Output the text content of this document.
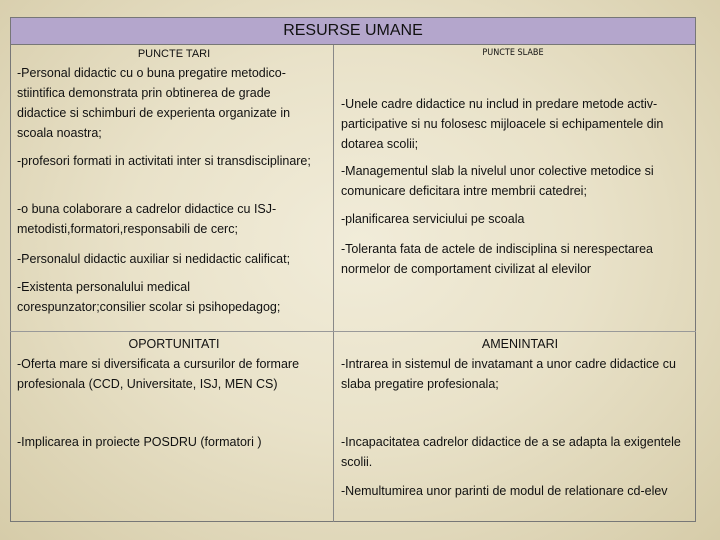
RESURSE UMANE
PUNCTE TARI

-Personal didactic cu o buna pregatire metodico-stiintifica demonstrata prin obtinerea de grade didactice si schimburi de experienta organizate in scoala noastra;

-profesori formati in activitati inter si transdisciplinare;

-o buna colaborare a cadrelor didactice cu ISJ-metodisti,formatori,responsabili de cerc;

-Personalul didactic auxiliar si nedidactic calificat;

-Existenta personalului medical corespunzator;consilier scolar si psihopedagog;

PUNCTE SLABE

-Unele cadre didactice nu includ in predare metode activ-participative si nu folosesc mijloacele si echipamentele din dotarea scolii;

-Managementul slab la nivelul unor colective metodice si comunicare deficitara intre membrii catedrei;

-planificarea serviciului pe scoala

-Toleranta fata de actele de indisciplina si nerespectarea normelor de comportament civilizat al elevilor

OPORTUNITATI

-Oferta mare si diversificata a cursurilor de formare profesionala (CCD, Universitate, ISJ, MEN CS)

-Implicarea in proiecte POSDRU (formatori )

AMENINTARI

-Intrarea in sistemul de invatamant a unor cadre didactice cu slaba pregatire profesionala;

-Incapacitatea cadrelor didactice de a se adapta la exigentele scolii.

-Nemultumirea unor parinti de modul de relationare cd-elev
